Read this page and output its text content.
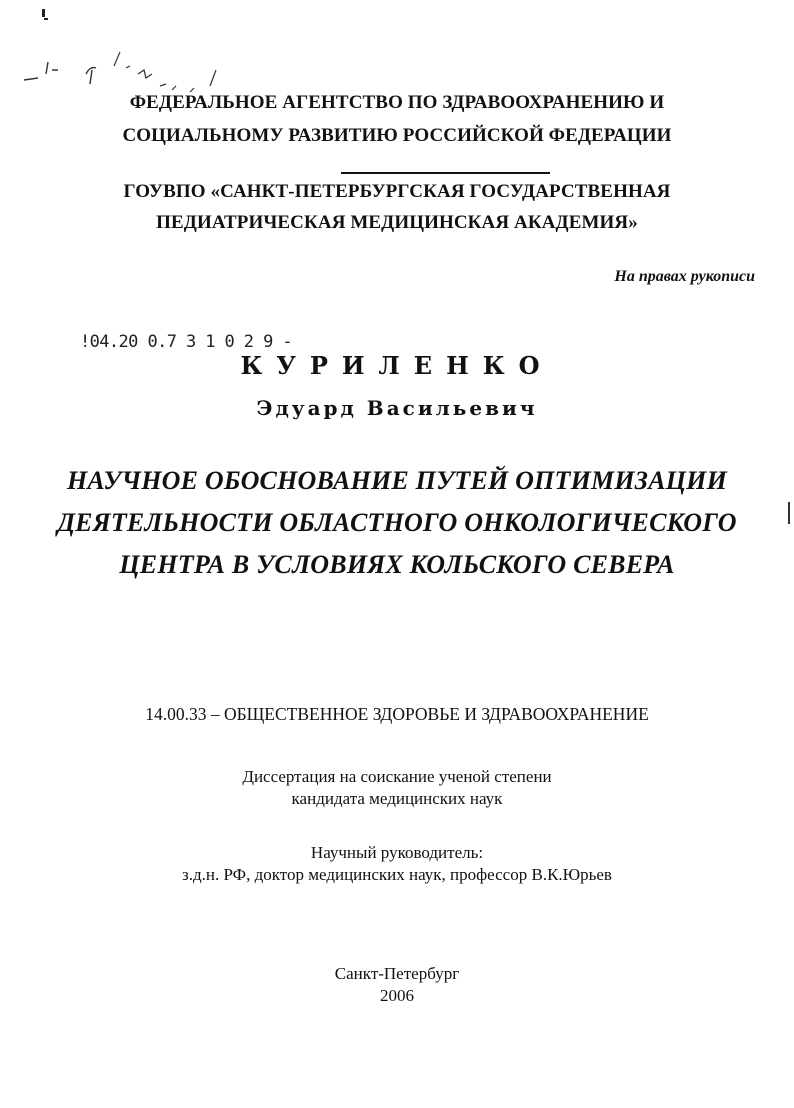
ФЕДЕРАЛЬНОЕ АГЕНТСТВО ПО ЗДРАВООХРАНЕНИЮ И
СОЦИАЛЬНОМУ РАЗВИТИЮ РОССИЙСКОЙ ФЕДЕРАЦИИ
ГОУВПО «САНКТ-ПЕТЕРБУРГСКАЯ ГОСУДАРСТВЕННАЯ
ПЕДИАТРИЧЕСКАЯ МЕДИЦИНСКАЯ АКАДЕМИЯ»
На правах рукописи
!04.20 0.7 3 1 0 2 9 -
КУРИЛЕНКО
Эдуард Васильевич
НАУЧНОЕ ОБОСНОВАНИЕ ПУТЕЙ ОПТИМИЗАЦИИ
ДЕЯТЕЛЬНОСТИ ОБЛАСТНОГО ОНКОЛОГИЧЕСКОГО
ЦЕНТРА В УСЛОВИЯХ КОЛЬСКОГО СЕВЕРА
14.00.33 – ОБЩЕСТВЕННОЕ ЗДОРОВЬЕ И ЗДРАВООХРАНЕНИЕ
Диссертация на соискание ученой степени
кандидата медицинских наук
Научный руководитель:
з.д.н. РФ, доктор медицинских наук, профессор В.К.Юрьев
Санкт-Петербург
2006
